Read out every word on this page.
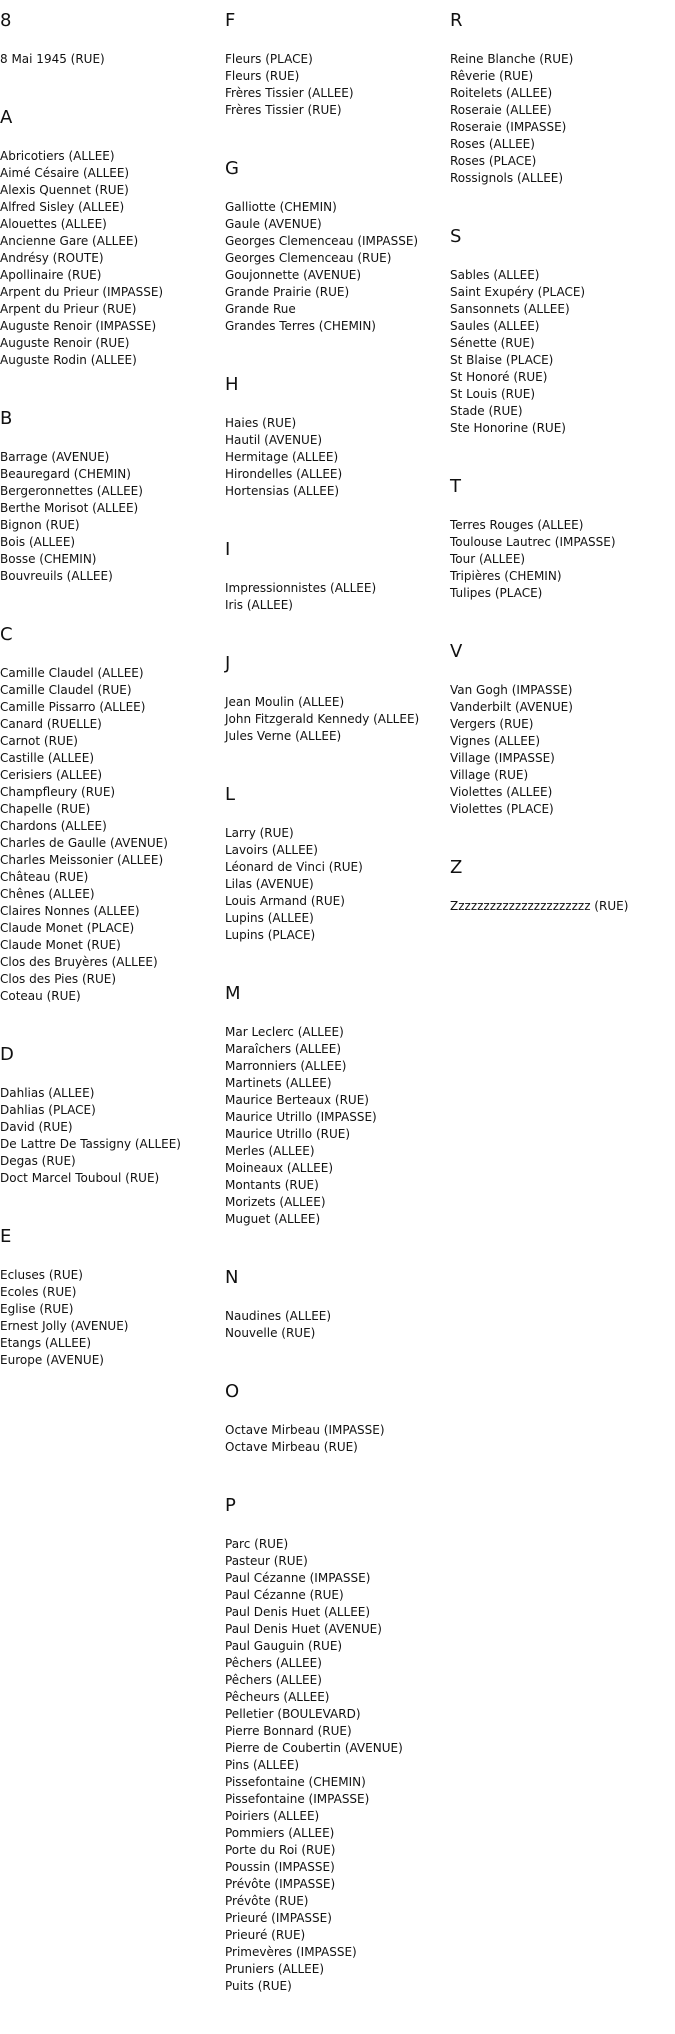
8
8 Mai 1945 (RUE)
A
Abricotiers (ALLEE)
Aimé Césaire (ALLEE)
Alexis Quennet (RUE)
Alfred Sisley (ALLEE)
Alouettes (ALLEE)
Ancienne Gare (ALLEE)
Andrésy (ROUTE)
Apollinaire (RUE)
Arpent du Prieur (IMPASSE)
Arpent du Prieur (RUE)
Auguste Renoir (IMPASSE)
Auguste Renoir (RUE)
Auguste Rodin (ALLEE)
B
Barrage (AVENUE)
Beauregard (CHEMIN)
Bergeronnettes (ALLEE)
Berthe Morisot (ALLEE)
Bignon (RUE)
Bois (ALLEE)
Bosse (CHEMIN)
Bouvreuils (ALLEE)
C
Camille Claudel (ALLEE)
Camille Claudel (RUE)
Camille Pissarro (ALLEE)
Canard (RUELLE)
Carnot (RUE)
Castille (ALLEE)
Cerisiers (ALLEE)
Champfleury (RUE)
Chapelle (RUE)
Chardons (ALLEE)
Charles de Gaulle (AVENUE)
Charles Meissonier (ALLEE)
Château (RUE)
Chênes (ALLEE)
Claires Nonnes (ALLEE)
Claude Monet (PLACE)
Claude Monet (RUE)
Clos des Bruyères (ALLEE)
Clos des Pies (RUE)
Coteau (RUE)
D
Dahlias (ALLEE)
Dahlias (PLACE)
David (RUE)
De Lattre De Tassigny (ALLEE)
Degas (RUE)
Doct Marcel Touboul (RUE)
E
Ecluses (RUE)
Ecoles (RUE)
Eglise (RUE)
Ernest Jolly (AVENUE)
Etangs (ALLEE)
Europe (AVENUE)
F
Fleurs (PLACE)
Fleurs (RUE)
Frères Tissier (ALLEE)
Frères Tissier (RUE)
G
Galliotte (CHEMIN)
Gaule (AVENUE)
Georges Clemenceau (IMPASSE)
Georges Clemenceau (RUE)
Goujonnette (AVENUE)
Grande Prairie (RUE)
Grande Rue
Grandes Terres (CHEMIN)
H
Haies (RUE)
Hautil (AVENUE)
Hermitage (ALLEE)
Hirondelles (ALLEE)
Hortensias (ALLEE)
I
Impressionnistes (ALLEE)
Iris (ALLEE)
J
Jean Moulin (ALLEE)
John Fitzgerald Kennedy (ALLEE)
Jules Verne (ALLEE)
L
Larry (RUE)
Lavoirs (ALLEE)
Léonard de Vinci (RUE)
Lilas (AVENUE)
Louis Armand (RUE)
Lupins (ALLEE)
Lupins (PLACE)
M
Mar Leclerc (ALLEE)
Maraîchers (ALLEE)
Marronniers (ALLEE)
Martinets (ALLEE)
Maurice Berteaux (RUE)
Maurice Utrillo (IMPASSE)
Maurice Utrillo (RUE)
Merles (ALLEE)
Moineaux (ALLEE)
Montants (RUE)
Morizets (ALLEE)
Muguet (ALLEE)
N
Naudines (ALLEE)
Nouvelle (RUE)
O
Octave Mirbeau (IMPASSE)
Octave Mirbeau (RUE)
P
Parc (RUE)
Pasteur (RUE)
Paul Cézanne (IMPASSE)
Paul Cézanne (RUE)
Paul Denis Huet (ALLEE)
Paul Denis Huet (AVENUE)
Paul Gauguin (RUE)
Pêchers (ALLEE)
Pêchers (ALLEE)
Pêcheurs (ALLEE)
Pelletier (BOULEVARD)
Pierre Bonnard (RUE)
Pierre de Coubertin (AVENUE)
Pins (ALLEE)
Pissefontaine (CHEMIN)
Pissefontaine (IMPASSE)
Poiriers (ALLEE)
Pommiers (ALLEE)
Porte du Roi (RUE)
Poussin (IMPASSE)
Prévôte (IMPASSE)
Prévôte (RUE)
Prieuré (IMPASSE)
Prieuré (RUE)
Primevères (IMPASSE)
Pruniers (ALLEE)
Puits (RUE)
R
Reine Blanche (RUE)
Rêverie (RUE)
Roitelets (ALLEE)
Roseraie (ALLEE)
Roseraie (IMPASSE)
Roses (ALLEE)
Roses (PLACE)
Rossignols (ALLEE)
S
Sables (ALLEE)
Saint Exupéry (PLACE)
Sansonnets (ALLEE)
Saules (ALLEE)
Sénette (RUE)
St Blaise (PLACE)
St Honoré (RUE)
St Louis (RUE)
Stade (RUE)
Ste Honorine (RUE)
T
Terres Rouges (ALLEE)
Toulouse Lautrec (IMPASSE)
Tour (ALLEE)
Tripières (CHEMIN)
Tulipes (PLACE)
V
Van Gogh (IMPASSE)
Vanderbilt (AVENUE)
Vergers (RUE)
Vignes (ALLEE)
Village (IMPASSE)
Village (RUE)
Violettes (ALLEE)
Violettes (PLACE)
Z
Zzzzzzzzzzzzzzzzzzzzzz (RUE)
